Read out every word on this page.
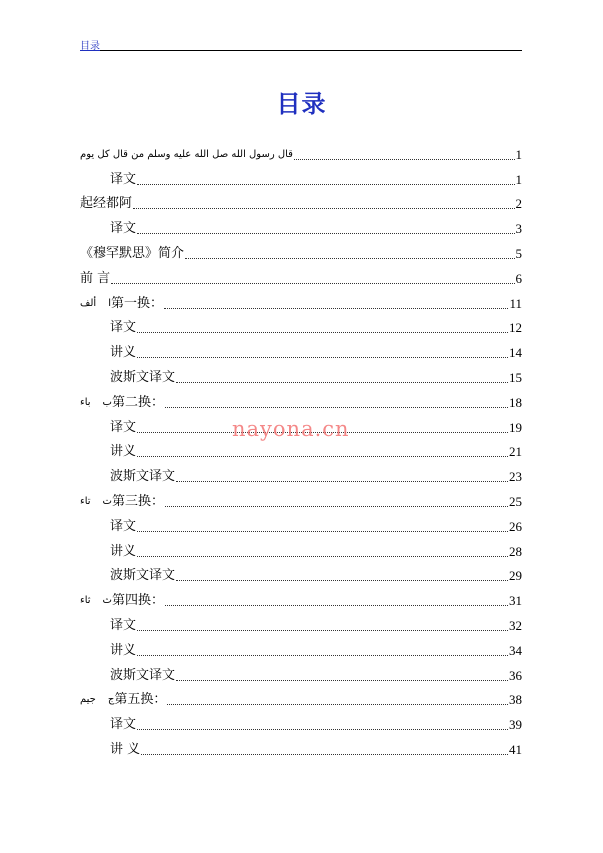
目录
目录
قال رسول الله صل الله عليه وسلم من قال كل يوم	1
译文	1
起经都阿	2
译文	3
《穆罕默思》简介	5
前 言	6
ألف ا 第一换：	11
译文	12
讲义	14
波斯文译文	15
باء ب 第二换：	18
译文	19
讲义	21
波斯文译文	23
تاء ت 第三换：	25
译文	26
讲义	28
波斯文译文	29
ثاء ث 第四换：	31
译文	32
讲义	34
波斯文译文	36
جيم ج 第五换：	38
译文	39
讲 义	41
nayona.cn
